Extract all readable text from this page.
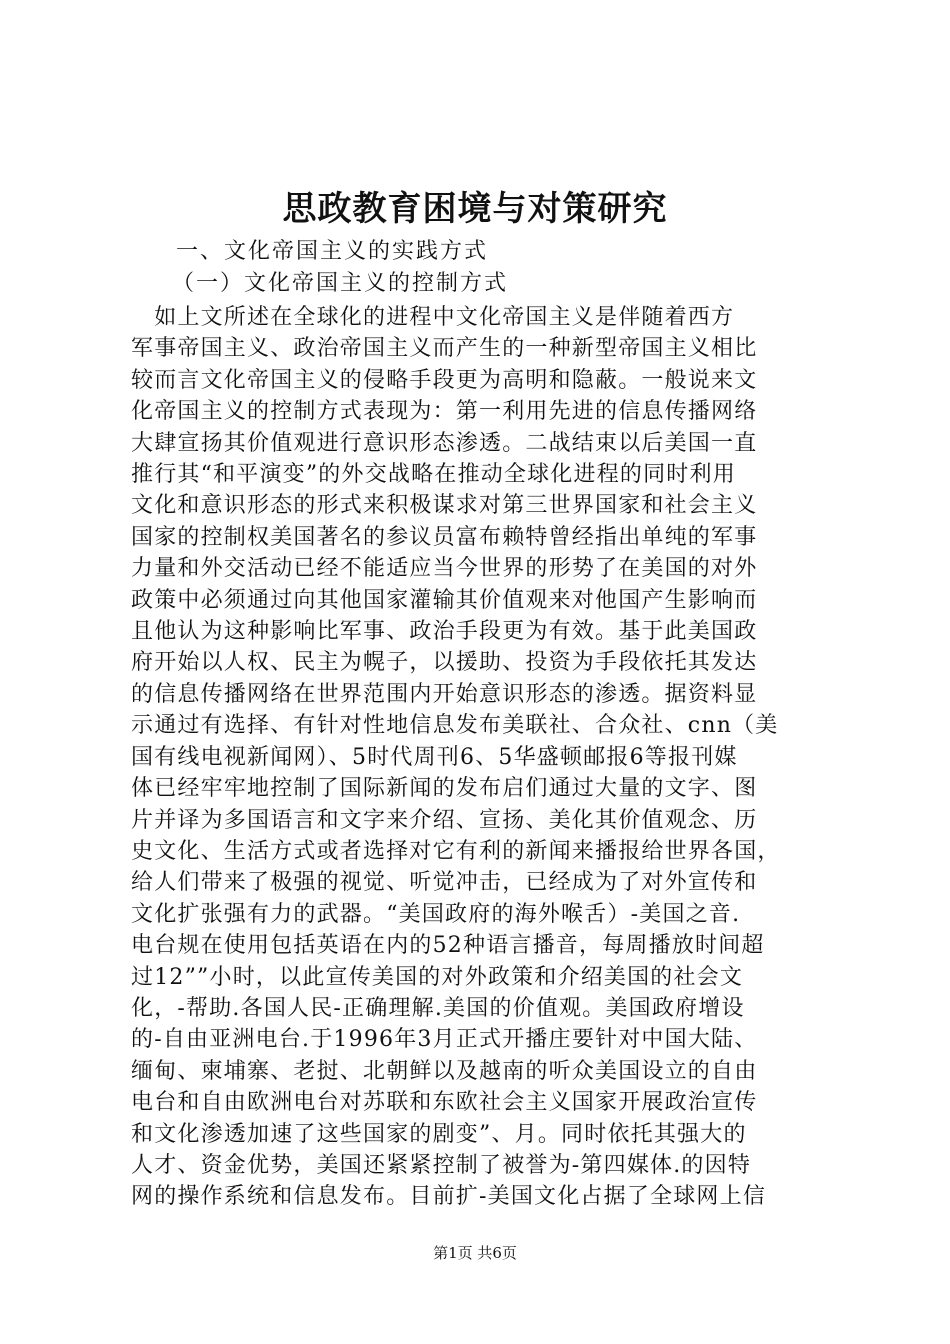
思政教育困境与对策研究
一、文化帝国主义的实践方式
（一）文化帝国主义的控制方式
　如上文所述在全球化的进程中文化帝国主义是伴随着西方
军事帝国主义、政治帝国主义而产生的一种新型帝国主义相比
较而言文化帝国主义的侵略手段更为高明和隐蔽。一般说来文
化帝国主义的控制方式表现为：第一利用先进的信息传播网络
大肆宣扬其价值观进行意识形态渗透。二战结束以后美国一直
推行其“和平演变”的外交战略在推动全球化进程的同时利用
文化和意识形态的形式来积极谋求对第三世界国家和社会主义
国家的控制权美国著名的参议员富布赖特曾经指出单纯的军事
力量和外交活动已经不能适应当今世界的形势了在美国的对外
政策中必须通过向其他国家灌输其价值观来对他国产生影响而
且他认为这种影响比军事、政治手段更为有效。基于此美国政
府开始以人权、民主为幌子，以援助、投资为手段依托其发达
的信息传播网络在世界范围内开始意识形态的渗透。据资料显
示通过有选择、有针对性地信息发布美联社、合众社、cnn（美
国有线电视新闻网）、5时代周刊6、5华盛顿邮报6等报刊媒
体已经牢牢地控制了国际新闻的发布启们通过大量的文字、图
片并译为多国语言和文字来介绍、宣扬、美化其价值观念、历
史文化、生活方式或者选择对它有利的新闻来播报给世界各国，
给人们带来了极强的视觉、听觉冲击，已经成为了对外宣传和
文化扩张强有力的武器。“美国政府的海外喉舌）-美国之音.
电台规在使用包括英语在内的52种语言播音，每周播放时间超
过12””小时，以此宣传美国的对外政策和介绍美国的社会文
化，-帮助.各国人民-正确理解.美国的价值观。美国政府增设
的-自由亚洲电台.于1996年3月正式开播庄要针对中国大陆、
缅甸、柬埔寨、老挝、北朝鲜以及越南的听众美国设立的自由
电台和自由欧洲电台对苏联和东欧社会主义国家开展政治宣传
和文化渗透加速了这些国家的剧变”、月。同时依托其强大的
人才、资金优势，美国还紧紧控制了被誉为-第四媒体.的因特
网的操作系统和信息发布。目前扩-美国文化占据了全球网上信
第1页 共6页
